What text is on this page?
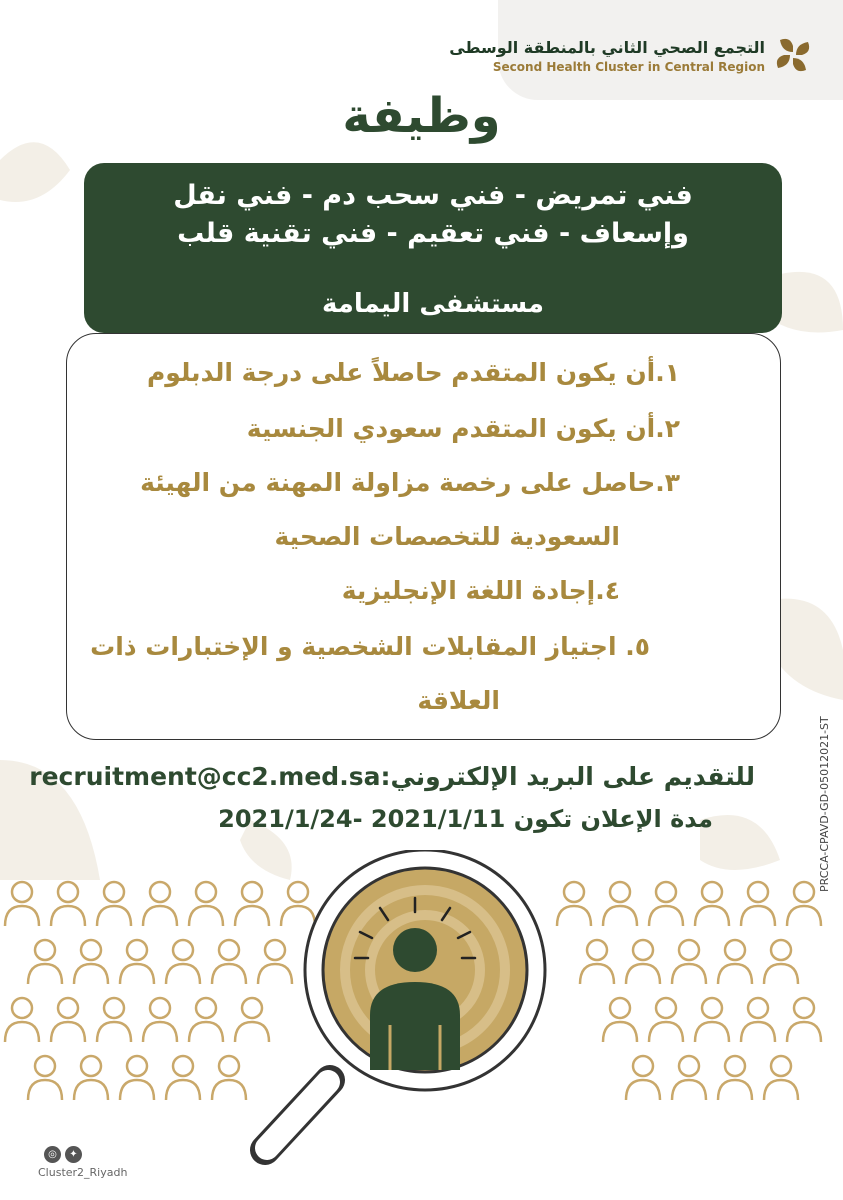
التجمع الصحي الثاني بالمنطقة الوسطى
Second Health Cluster in Central Region
وظيفة
فني تمريض - فني سحب دم - فني نقل
وإسعاف - فني تعقيم - فني تقنية قلب
مستشفى اليمامة
١.أن يكون المتقدم حاصلاً على درجة الدبلوم
٢.أن يكون المتقدم سعودي الجنسية
٣.حاصل على رخصة مزاولة المهنة من الهيئة
السعودية للتخصصات الصحية
٤.إجادة اللغة الإنجليزية
٥. اجتياز المقابلات الشخصية و الإختبارات ذات
العلاقة
للتقديم على البريد الإلكتروني:recruitment@cc2.med.sa
مدة الإعلان تكون 2021/1/11 -2021/1/24	PRCCA-CPAVD-GD-05012021-ST
◎ ✦
Cluster2_Riyadh
